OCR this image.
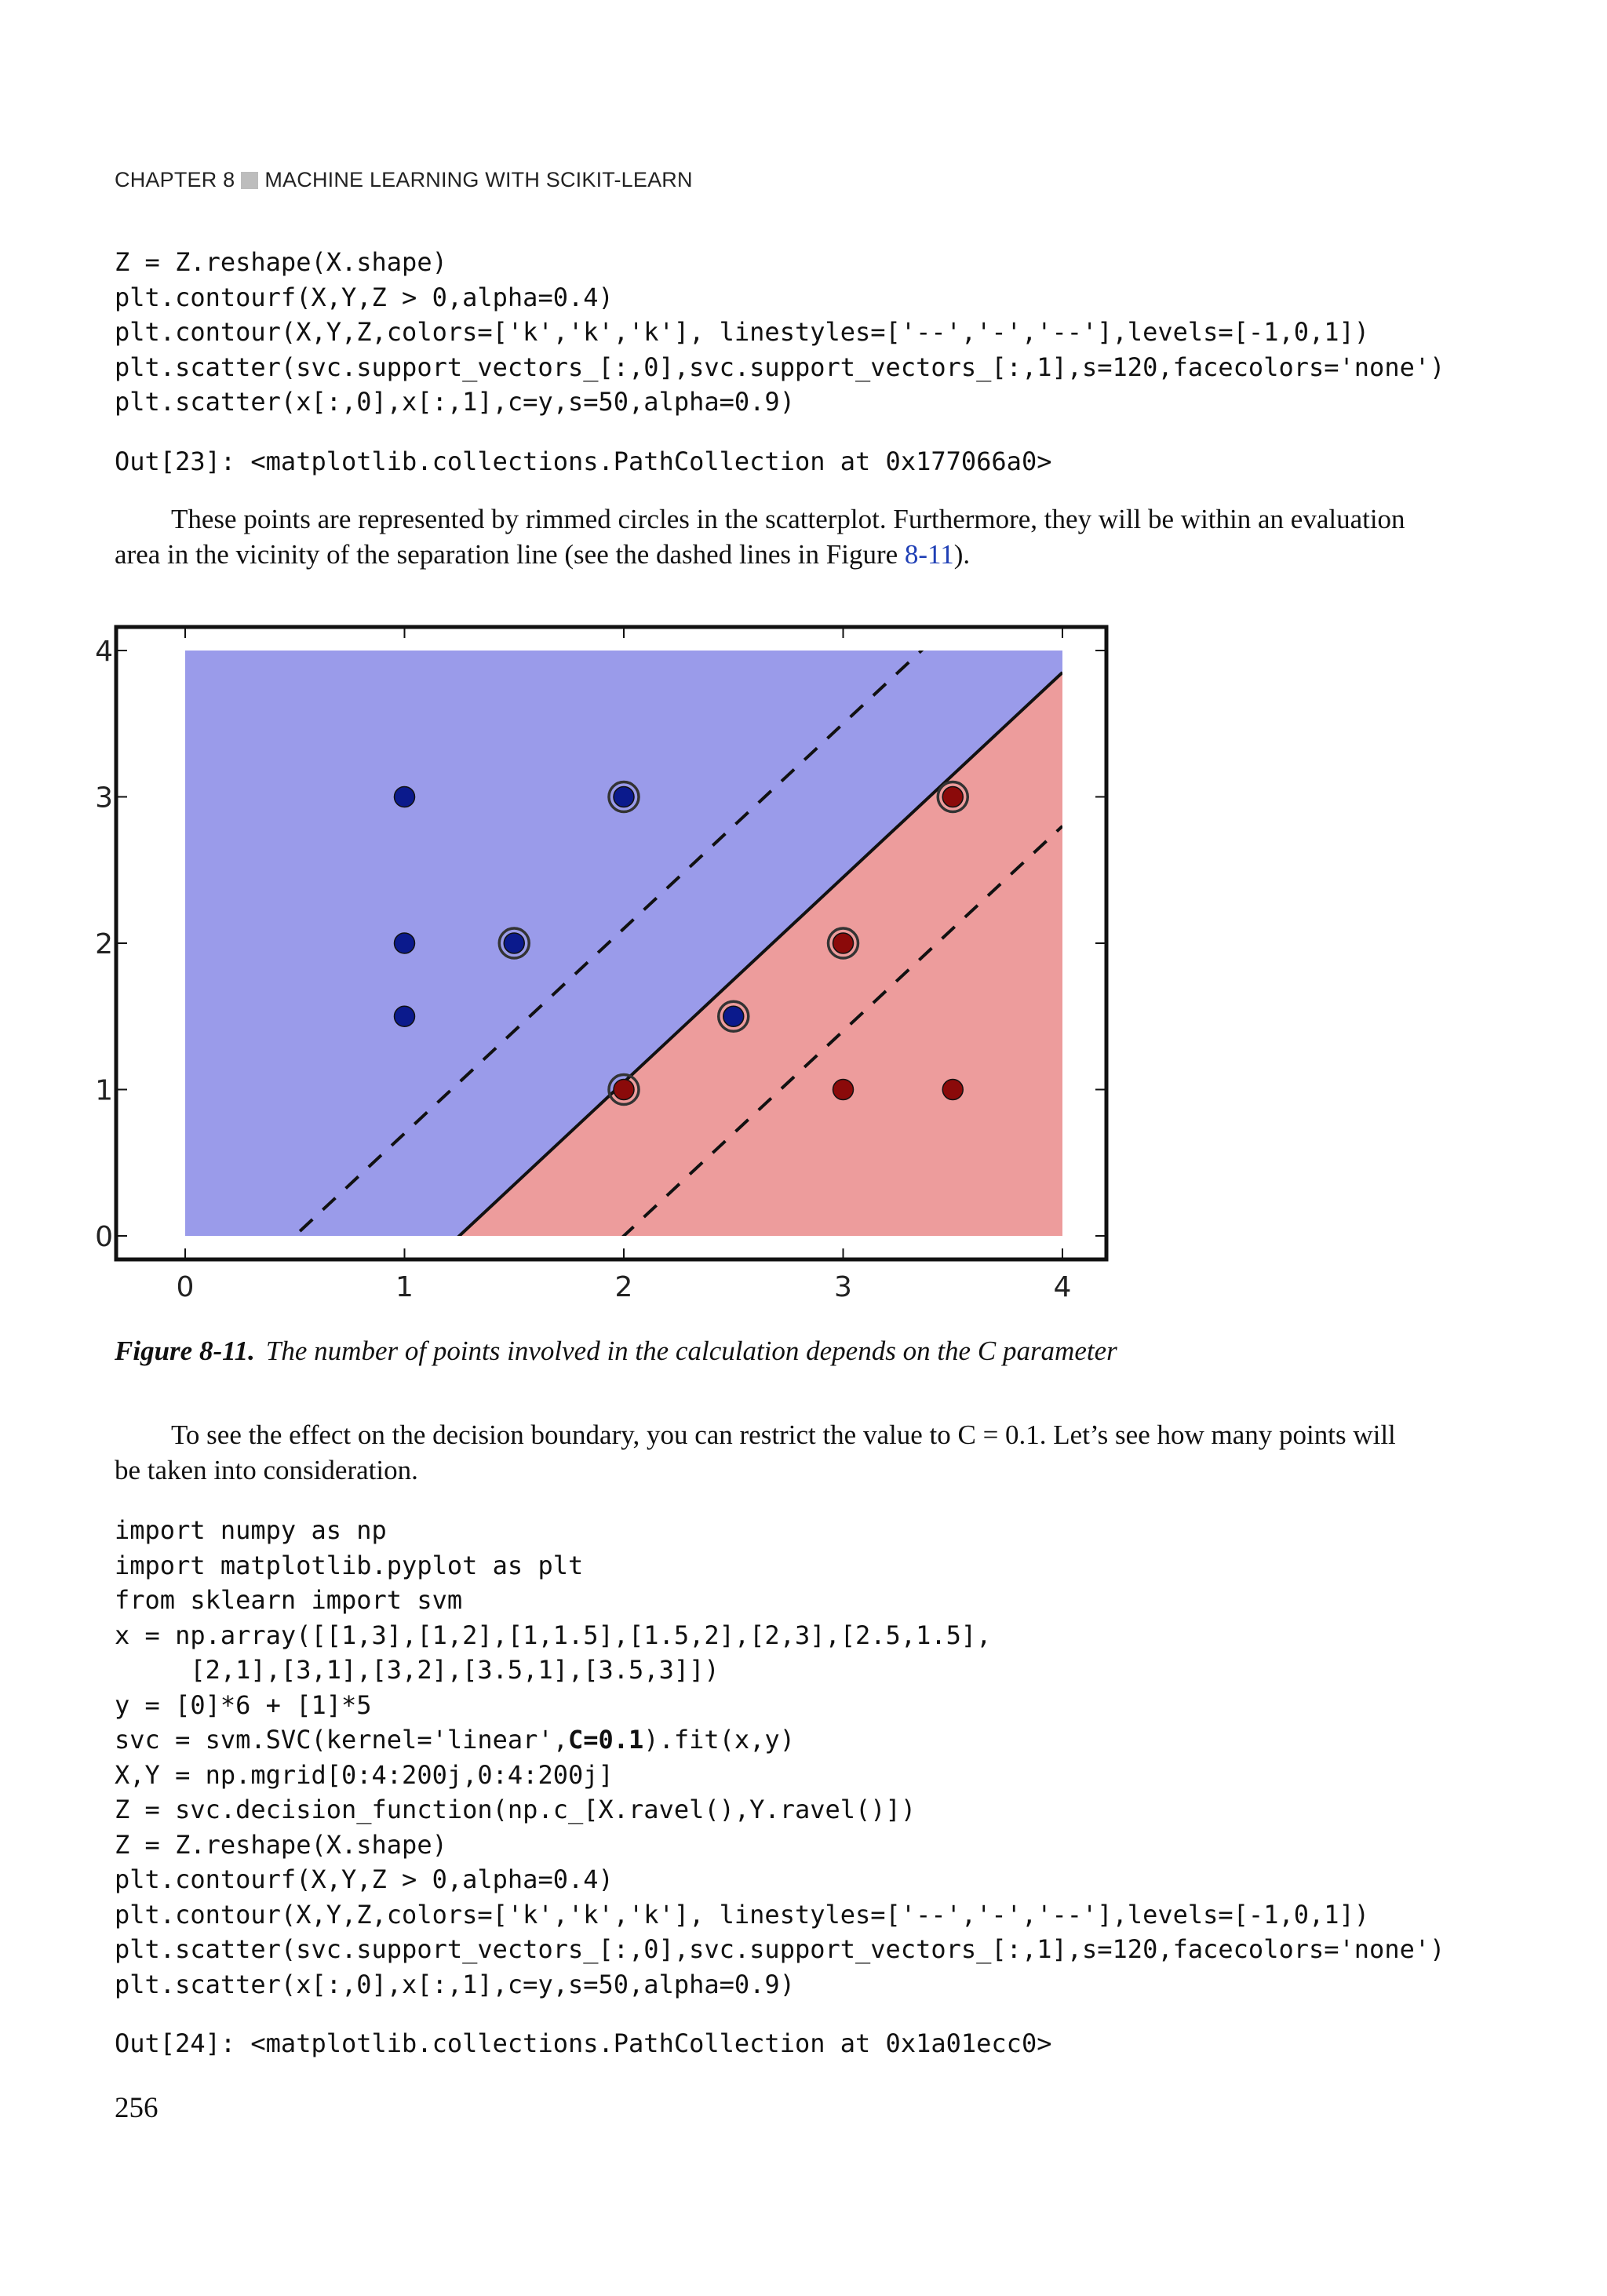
CHAPTER 8 MACHINE LEARNING WITH SCIKIT-LEARN
Z = Z.reshape(X.shape)
plt.contourf(X,Y,Z > 0,alpha=0.4)
plt.contour(X,Y,Z,colors=['k','k','k'], linestyles=['--','-','--'],levels=[-1,0,1])
plt.scatter(svc.support_vectors_[:,0],svc.support_vectors_[:,1],s=120,facecolors='none')
plt.scatter(x[:,0],x[:,1],c=y,s=50,alpha=0.9)
Out[23]: <matplotlib.collections.PathCollection at 0x177066a0>

These points are represented by rimmed circles in the scatterplot. Furthermore, they will be within an evaluation area in the vicinity of the separation line (see the dashed lines in Figure 8-11).

0	1	2	3	4
0
1
2
3
4
Figure 8-11. The number of points involved in the calculation depends on the C parameter

To see the effect on the decision boundary, you can restrict the value to C = 0.1. Let’s see how many points will be taken into consideration.

import numpy as np
import matplotlib.pyplot as plt
from sklearn import svm
x = np.array([[1,3],[1,2],[1,1.5],[1.5,2],[2,3],[2.5,1.5],
[2,1],[3,1],[3,2],[3.5,1],[3.5,3]])
y = [0]*6 + [1]*5
svc = svm.SVC(kernel='linear',C=0.1).fit(x,y)
X,Y = np.mgrid[0:4:200j,0:4:200j]
Z = svc.decision_function(np.c_[X.ravel(),Y.ravel()])
Z = Z.reshape(X.shape)
plt.contourf(X,Y,Z > 0,alpha=0.4)
plt.contour(X,Y,Z,colors=['k','k','k'], linestyles=['--','-','--'],levels=[-1,0,1])
plt.scatter(svc.support_vectors_[:,0],svc.support_vectors_[:,1],s=120,facecolors='none')
plt.scatter(x[:,0],x[:,1],c=y,s=50,alpha=0.9)
Out[24]: <matplotlib.collections.PathCollection at 0x1a01ecc0>
256
